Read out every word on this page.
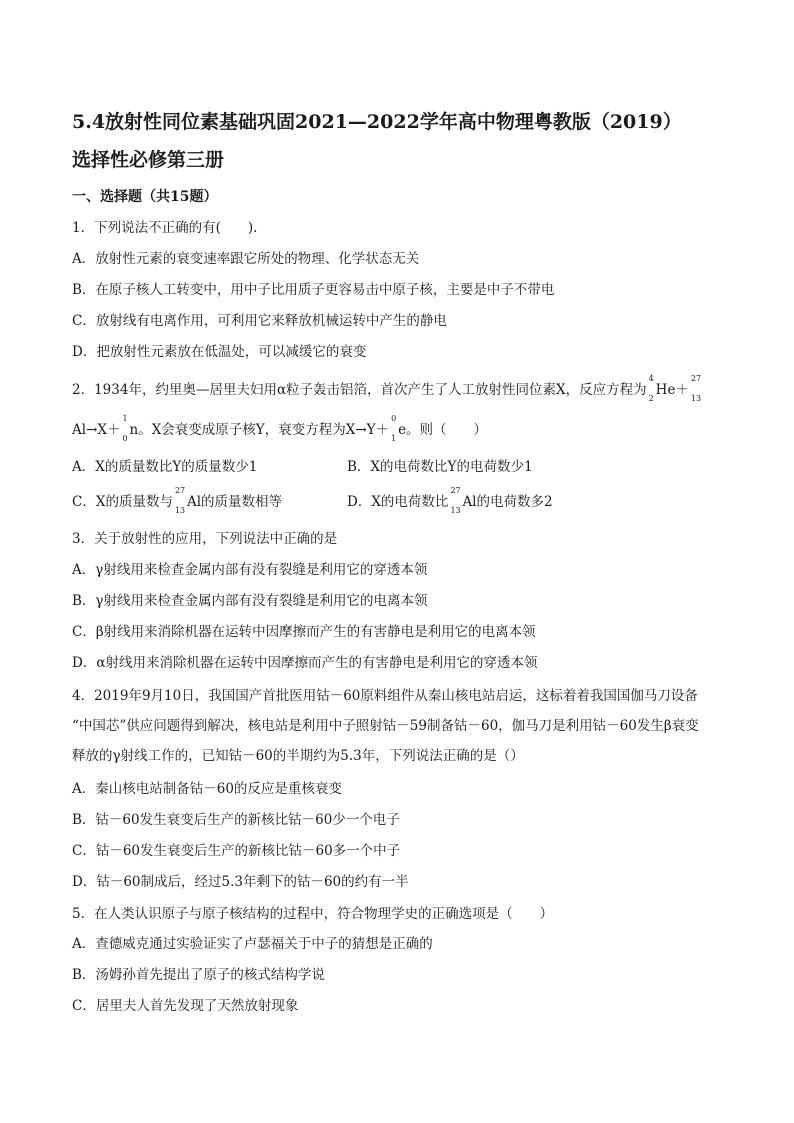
5.4放射性同位素基础巩固2021—2022学年高中物理粤教版（2019）
选择性必修第三册
一、选择题（共15题）
1．下列说法不正确的有(　　).
A．放射性元素的衰变速率跟它所处的物理、化学状态无关
B．在原子核人工转变中，用中子比用质子更容易击中原子核，主要是中子不带电
C．放射线有电离作用，可利用它来释放机械运转中产生的静电
D．把放射性元素放在低温处，可以减缓它的衰变
2．1934年，约里奥—居里夫妇用α粒子轰击铝箔，首次产生了人工放射性同位素X，反应方程为
4
2
He＋
27
13
Al→X＋
1
0
n。X会衰变成原子核Y，衰变方程为X→Y＋
0
1
e。则（　　）
A．X的质量数比Y的质量数少1	B．X的电荷数比Y的电荷数少1
C．X的质量数与
27
13
Al的质量数相等	D．X的电荷数比
27
13
Al的电荷数多2
3．关于放射性的应用，下列说法中正确的是
A．γ射线用来检查金属内部有没有裂缝是利用它的穿透本领
B．γ射线用来检查金属内部有没有裂缝是利用它的电离本领
C．β射线用来消除机器在运转中因摩擦而产生的有害静电是利用它的电离本领
D．α射线用来消除机器在运转中因摩擦而产生的有害静电是利用它的穿透本领
4．2019年9月10日，我国国产首批医用钴－60原料组件从秦山核电站启运，这标着着我国国伽马刀设备
“中国芯”供应问题得到解决，核电站是利用中子照射钴－59制备钴－60，伽马刀是利用钴－60发生β衰变
释放的γ射线工作的，已知钴－60的半期约为5.3年，下列说法正确的是（）
A．秦山核电站制备钴－60的反应是重核衰变
B．钴－60发生衰变后生产的新核比钴－60少一个电子
C．钴－60发生衰变后生产的新核比钴－60多一个中子
D．钴－60制成后，经过5.3年剩下的钴－60的约有一半
5．在人类认识原子与原子核结构的过程中，符合物理学史的正确选项是（　　）
A．查德威克通过实验证实了卢瑟福关于中子的猜想是正确的
B．汤姆孙首先提出了原子的核式结构学说
C．居里夫人首先发现了天然放射现象
